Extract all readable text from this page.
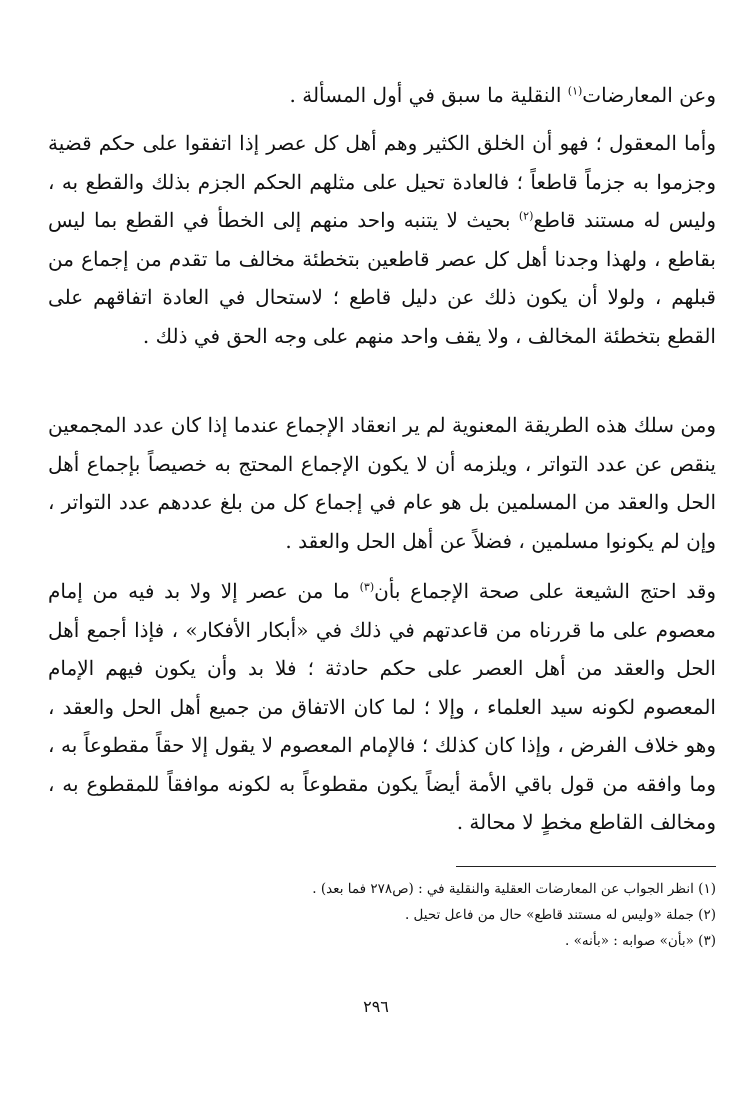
وعن المعارضات$^{(١)}$ النقلية ما سبق في أول المسألة .

وأما المعقول ؛ فهو أن الخلق الكثير وهم أهل كل عصر إذا اتفقوا على حكم قضية وجزموا به جزماً قاطعاً ؛ فالعادة تحيل على مثلهم الحكم الجزم بذلك والقطع به ، وليس له مستند قاطع$^{(٢)}$ بحيث لا يتنبه واحد منهم إلى الخطأ في القطع بما ليس بقاطع ، ولهذا وجدنا أهل كل عصر قاطعين بتخطئة مخالف ما تقدم من إجماع من قبلهم ، ولولا أن يكون ذلك عن دليل قاطع ؛ لاستحال في العادة اتفاقهم على القطع بتخطئة المخالف ، ولا يقف واحد منهم على وجه الحق في ذلك .

ومن سلك هذه الطريقة المعنوية لم ير انعقاد الإجماع عندما إذا كان عدد المجمعين ينقص عن عدد التواتر ، ويلزمه أن لا يكون الإجماع المحتج به خصيصاً بإجماع أهل الحل والعقد من المسلمين بل هو عام في إجماع كل من بلغ عددهم عدد التواتر ، وإن لم يكونوا مسلمين ، فضلاً عن أهل الحل والعقد .

وقد احتج الشيعة على صحة الإجماع بأن$^{(٣)}$ ما من عصر إلا ولا بد فيه من إمام معصوم على ما قررناه من قاعدتهم في ذلك في «أبكار الأفكار» ، فإذا أجمع أهل الحل والعقد من أهل العصر على حكم حادثة ؛ فلا بد وأن يكون فيهم الإمام المعصوم لكونه سيد العلماء ، وإلا ؛ لما كان الاتفاق من جميع أهل الحل والعقد ، وهو خلاف الفرض ، وإذا كان كذلك ؛ فالإمام المعصوم لا يقول إلا حقاً مقطوعاً به ، وما وافقه من قول باقي الأمة أيضاً يكون مقطوعاً به لكونه موافقاً للمقطوع به ، ومخالف القاطع مخطٍ لا محالة .

(١) انظر الجواب عن المعارضات العقلية والنقلية في : (ص٢٧٨ فما بعد) .
(٢) جملة «وليس له مستند قاطع» حال من فاعل تحيل .
(٣) «بأن» صوابه : «بأنه» .
٢٩٦
